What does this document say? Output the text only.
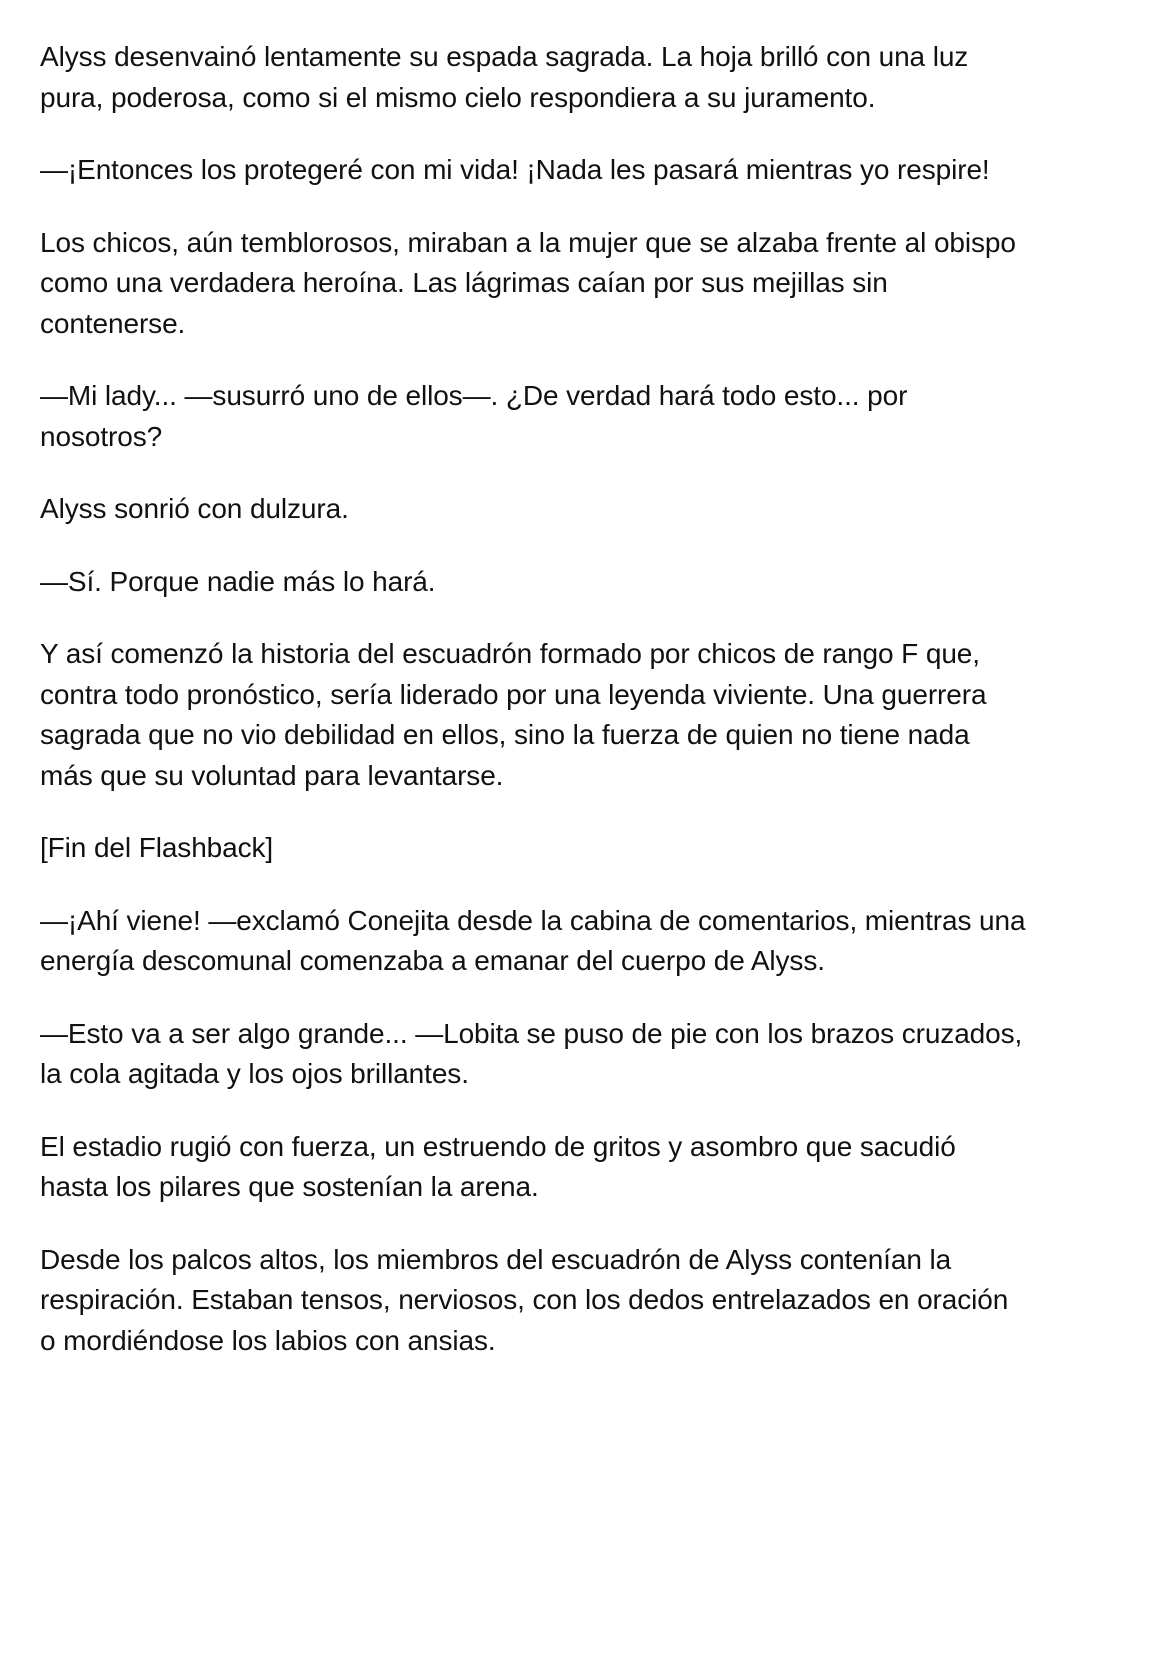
Alyss desenvainó lentamente su espada sagrada. La hoja brilló con una luz
pura, poderosa, como si el mismo cielo respondiera a su juramento.

—¡Entonces los protegeré con mi vida! ¡Nada les pasará mientras yo respire!

Los chicos, aún temblorosos, miraban a la mujer que se alzaba frente al obispo
como una verdadera heroína. Las lágrimas caían por sus mejillas sin
contenerse.

—Mi lady... —susurró uno de ellos—. ¿De verdad hará todo esto... por
nosotros?

Alyss sonrió con dulzura.

—Sí. Porque nadie más lo hará.

Y así comenzó la historia del escuadrón formado por chicos de rango F que,
contra todo pronóstico, sería liderado por una leyenda viviente. Una guerrera
sagrada que no vio debilidad en ellos, sino la fuerza de quien no tiene nada
más que su voluntad para levantarse.

[Fin del Flashback]

—¡Ahí viene! —exclamó Conejita desde la cabina de comentarios, mientras una
energía descomunal comenzaba a emanar del cuerpo de Alyss.

—Esto va a ser algo grande... —Lobita se puso de pie con los brazos cruzados,
la cola agitada y los ojos brillantes.

El estadio rugió con fuerza, un estruendo de gritos y asombro que sacudió
hasta los pilares que sostenían la arena.

Desde los palcos altos, los miembros del escuadrón de Alyss contenían la
respiración. Estaban tensos, nerviosos, con los dedos entrelazados en oración
o mordiéndose los labios con ansias.
